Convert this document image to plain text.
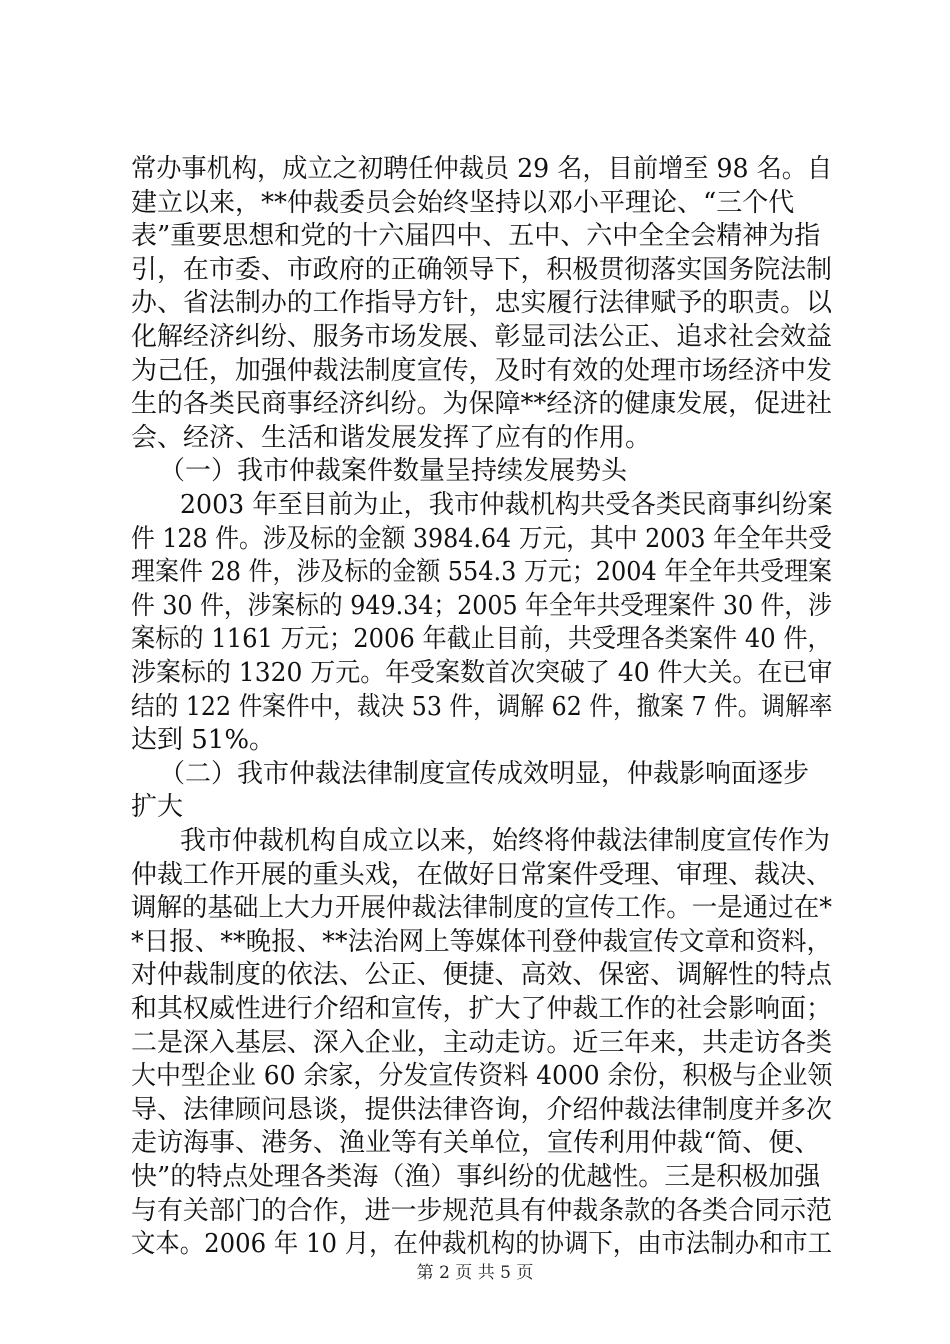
常办事机构，成立之初聘任仲裁员 29 名，目前增至 98 名。自
建立以来，**仲裁委员会始终坚持以邓小平理论、“三个代
表”重要思想和党的十六届四中、五中、六中全全会精神为指
引，在市委、市政府的正确领导下，积极贯彻落实国务院法制
办、省法制办的工作指导方针，忠实履行法律赋予的职责。以
化解经济纠纷、服务市场发展、彰显司法公正、追求社会效益
为己任，加强仲裁法制度宣传，及时有效的处理市场经济中发
生的各类民商事经济纠纷。为保障**经济的健康发展，促进社
会、经济、生活和谐发展发挥了应有的作用。
（一）我市仲裁案件数量呈持续发展势头
2003 年至目前为止，我市仲裁机构共受各类民商事纠纷案
件 128 件。涉及标的金额 3984.64 万元，其中 2003 年全年共受
理案件 28 件，涉及标的金额 554.3 万元；2004 年全年共受理案
件 30 件，涉案标的 949.34；2005 年全年共受理案件 30 件，涉
案标的 1161 万元；2006 年截止目前，共受理各类案件 40 件，
涉案标的 1320 万元。年受案数首次突破了 40 件大关。在已审
结的 122 件案件中，裁决 53 件，调解 62 件，撤案 7 件。调解率
达到 51%。
（二）我市仲裁法律制度宣传成效明显，仲裁影响面逐步
扩大
我市仲裁机构自成立以来，始终将仲裁法律制度宣传作为
仲裁工作开展的重头戏，在做好日常案件受理、审理、裁决、
调解的基础上大力开展仲裁法律制度的宣传工作。一是通过在*
*日报、**晚报、**法治网上等媒体刊登仲裁宣传文章和资料，
对仲裁制度的依法、公正、便捷、高效、保密、调解性的特点
和其权威性进行介绍和宣传，扩大了仲裁工作的社会影响面；
二是深入基层、深入企业，主动走访。近三年来，共走访各类
大中型企业 60 余家，分发宣传资料 4000 余份，积极与企业领
导、法律顾问恳谈，提供法律咨询，介绍仲裁法律制度并多次
走访海事、港务、渔业等有关单位，宣传利用仲裁“简、便、
第 2 页 共 5 页
快”的特点处理各类海（渔）事纠纷的优越性。三是积极加强
与有关部门的合作，进一步规范具有仲裁条款的各类合同示范
文本。2006 年 10 月，在仲裁机构的协调下，由市法制办和市工
